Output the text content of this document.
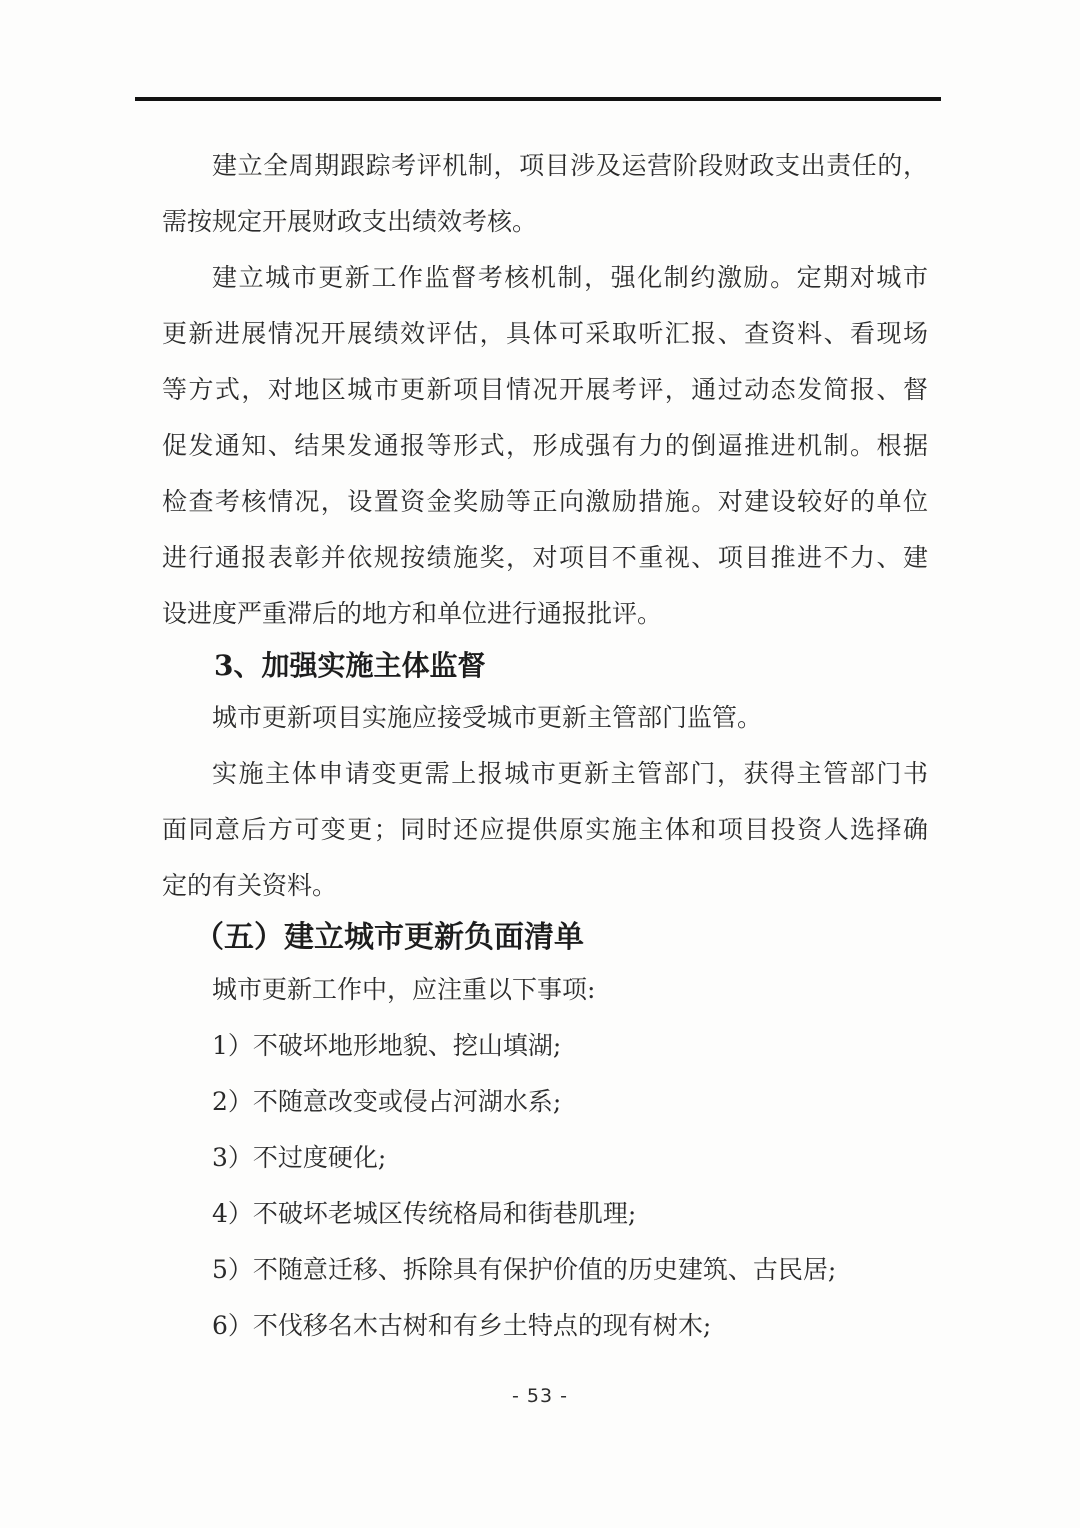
建立全周期跟踪考评机制，项目涉及运营阶段财政支出责任的，

需按规定开展财政支出绩效考核。

建立城市更新工作监督考核机制，强化制约激励。定期对城市

更新进展情况开展绩效评估，具体可采取听汇报、查资料、看现场

等方式，对地区城市更新项目情况开展考评，通过动态发简报、督

促发通知、结果发通报等形式，形成强有力的倒逼推进机制。根据

检查考核情况，设置资金奖励等正向激励措施。对建设较好的单位

进行通报表彰并依规按绩施奖，对项目不重视、项目推进不力、建

设进度严重滞后的地方和单位进行通报批评。

3、加强实施主体监督

城市更新项目实施应接受城市更新主管部门监管。

实施主体申请变更需上报城市更新主管部门，获得主管部门书

面同意后方可变更；同时还应提供原实施主体和项目投资人选择确

定的有关资料。

（五）建立城市更新负面清单

城市更新工作中，应注重以下事项:

1）不破坏地形地貌、挖山填湖;

2）不随意改变或侵占河湖水系;

3）不过度硬化;

4）不破坏老城区传统格局和街巷肌理;

5）不随意迁移、拆除具有保护价值的历史建筑、古民居;

6）不伐移名木古树和有乡土特点的现有树木;

- 53 -
